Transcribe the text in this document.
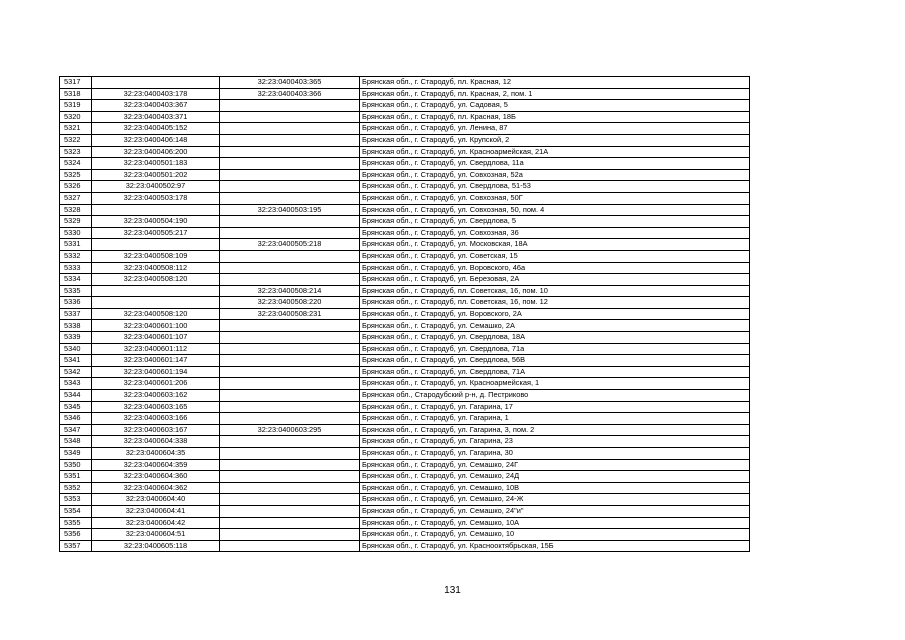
5317		32:23:0400403:365	Брянская обл., г. Стародуб, пл. Красная, 12
5318	32:23:0400403:178	32:23:0400403:366	Брянская обл., г. Стародуб, пл. Красная, 2, пом. 1
5319	32:23:0400403:367		Брянская обл., г. Стародуб, ул. Садовая, 5
5320	32:23:0400403:371		Брянская обл., г. Стародуб, пл. Красная, 18Б
5321	32:23:0400405:152		Брянская обл., г. Стародуб, ул. Ленина, 87
5322	32:23:0400406:148		Брянская обл., г. Стародуб, ул. Крупской, 2
5323	32:23:0400406:200		Брянская обл., г. Стародуб, ул. Красноармейская, 21А
5324	32:23:0400501:183		Брянская обл., г. Стародуб, ул. Свердлова, 11а
5325	32:23:0400501:202		Брянская обл., г. Стародуб, ул. Совхозная, 52а
5326	32:23:0400502:97		Брянская обл., г. Стародуб, ул. Свердлова, 51-53
5327	32:23:0400503:178		Брянская обл., г. Стародуб, ул. Совхозная, 50Г
5328		32:23:0400503:195	Брянская обл., г. Стародуб, ул. Совхозная, 50, пом. 4
5329	32:23:0400504:190		Брянская обл., г. Стародуб, ул. Свердлова, 5
5330	32:23:0400505:217		Брянская обл., г. Стародуб, ул. Совхозная, 36
5331		32:23:0400505:218	Брянская обл., г. Стародуб, ул. Московская, 18А
5332	32:23:0400508:109		Брянская обл., г. Стародуб, ул. Советская, 15
5333	32:23:0400508:112		Брянская обл., г. Стародуб, ул. Воровского, 46а
5334	32:23:0400508:120		Брянская обл., г. Стародуб, ул. Березовая, 2А
5335		32:23:0400508:214	Брянская обл., г. Стародуб, пл. Советская, 16, пом. 10
5336		32:23:0400508:220	Брянская обл., г. Стародуб, пл. Советская, 16, пом. 12
5337	32:23:0400508:120	32:23:0400508:231	Брянская обл., г. Стародуб, ул. Воровского, 2А
5338	32:23:0400601:100		Брянская обл., г. Стародуб, ул. Семашко, 2А
5339	32:23:0400601:107		Брянская обл., г. Стародуб, ул. Свердлова, 18А
5340	32:23:0400601:112		Брянская обл., г. Стародуб, ул. Свердлова, 71а
5341	32:23:0400601:147		Брянская обл., г. Стародуб, ул. Свердлова, 56В
5342	32:23:0400601:194		Брянская обл., г. Стародуб, ул. Свердлова, 71А
5343	32:23:0400601:206		Брянская обл., г. Стародуб, ул. Красноармейская, 1
5344	32:23:0400603:162		Брянская обл., Стародубский р-н, д. Пестриково
5345	32:23:0400603:165		Брянская обл., г. Стародуб, ул. Гагарина, 17
5346	32:23:0400603:166		Брянская обл., г. Стародуб, ул. Гагарина, 1
5347	32:23:0400603:167	32:23:0400603:295	Брянская обл., г. Стародуб, ул. Гагарина, 3, пом. 2
5348	32:23:0400604:338		Брянская обл., г. Стародуб, ул. Гагарина, 23
5349	32:23:0400604:35		Брянская обл., г. Стародуб, ул. Гагарина, 30
5350	32:23:0400604:359		Брянская обл., г. Стародуб, ул. Семашко, 24Г
5351	32:23:0400604:360		Брянская обл., г. Стародуб, ул. Семашко, 24Д
5352	32:23:0400604:362		Брянская обл., г. Стародуб, ул. Семашко, 10В
5353	32:23:0400604:40		Брянская обл., г. Стародуб, ул. Семашко, 24-Ж
5354	32:23:0400604:41		Брянская обл., г. Стародуб, ул. Семашко, 24"и"
5355	32:23:0400604:42		Брянская обл., г. Стародуб, ул. Семашко, 10А
5356	32:23:0400604:51		Брянская обл., г. Стародуб, ул. Семашко, 10
5357	32:23:0400605:118		Брянская обл., г. Стародуб, ул. Красноoктябрьская, 15Б
131
